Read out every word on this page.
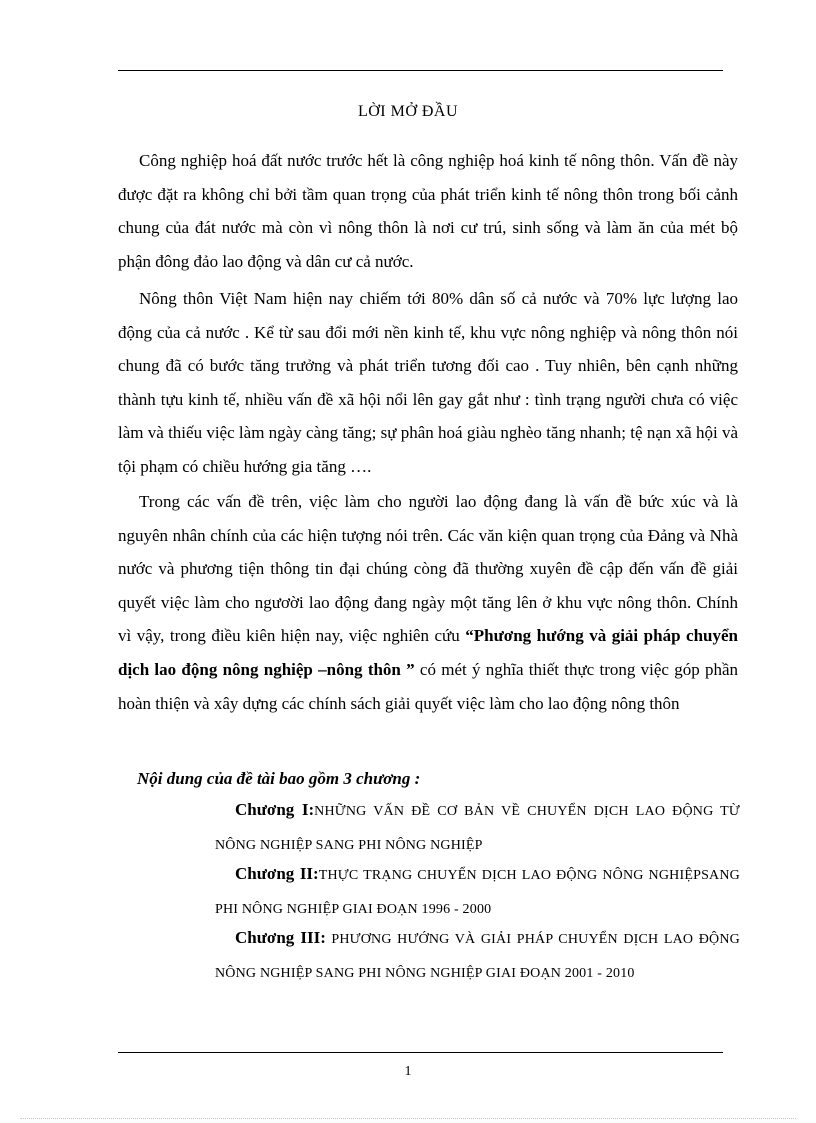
LỜI MỞ ĐẦU

Công nghiệp hoá đất nước trước hết là công nghiệp hoá kinh tế nông thôn. Vấn đề này được đặt ra không chỉ bởi tầm quan trọng của phát triển kinh tế nông thôn trong bối cảnh chung của đát nước mà còn vì nông thôn là nơi cư trú, sinh sống và làm ăn của mét bộ phận đông đảo lao động và dân cư cả nước.

Nông thôn Việt Nam hiện nay chiếm tới 80% dân số cả nước và 70% lực lượng lao động của cả nước . Kể từ sau đổi mới nền kinh tế, khu vực nông nghiệp và nông thôn nói chung đã có bước tăng trưởng và phát triển tương đối cao . Tuy nhiên, bên cạnh những thành tựu kinh tế, nhiều vấn đề xã hội nổi lên gay gắt như : tình trạng người chưa có việc làm và thiếu việc làm ngày càng tăng; sự phân hoá giàu nghèo tăng nhanh; tệ nạn xã hội và tội phạm có chiều hướng gia tăng ….

Trong các vấn đề trên, việc làm cho người lao động đang là vấn đề bức xúc và là nguyên nhân chính của các hiện tượng nói trên. Các văn kiện quan trọng của Đảng và Nhà nước và phương tiện thông tin đại chúng còng đã thường xuyên đề cập đến vấn đề giải quyết việc làm cho ngươời lao động đang ngày một tăng lên ở khu vực nông thôn. Chính vì vậy, trong điều kiên hiện nay, việc nghiên cứu “Phương hướng và giải pháp chuyển dịch lao động nông nghiệp –nông thôn ” có mét ý nghĩa thiết thực trong việc góp phần hoàn thiện và xây dựng các chính sách giải quyết việc làm cho lao động nông thôn

Nội dung của đề tài bao gồm 3 chương :

Chương I:NHỮNG VẤN ĐỀ CƠ BẢN VỀ CHUYỂN DỊCH LAO ĐỘNG TỪ NÔNG NGHIỆP SANG PHI NÔNG NGHIỆP

Chương II:THỰC TRẠNG CHUYỂN DỊCH LAO ĐỘNG NÔNG NGHIỆPSANG PHI NÔNG NGHIỆP GIAI ĐOẠN 1996 - 2000

Chương III: PHƯƠNG HƯỚNG VÀ GIẢI PHÁP CHUYỂN DỊCH LAO ĐỘNG NÔNG NGHIỆP SANG PHI NÔNG NGHIỆP GIAI ĐOẠN 2001 - 2010

1
